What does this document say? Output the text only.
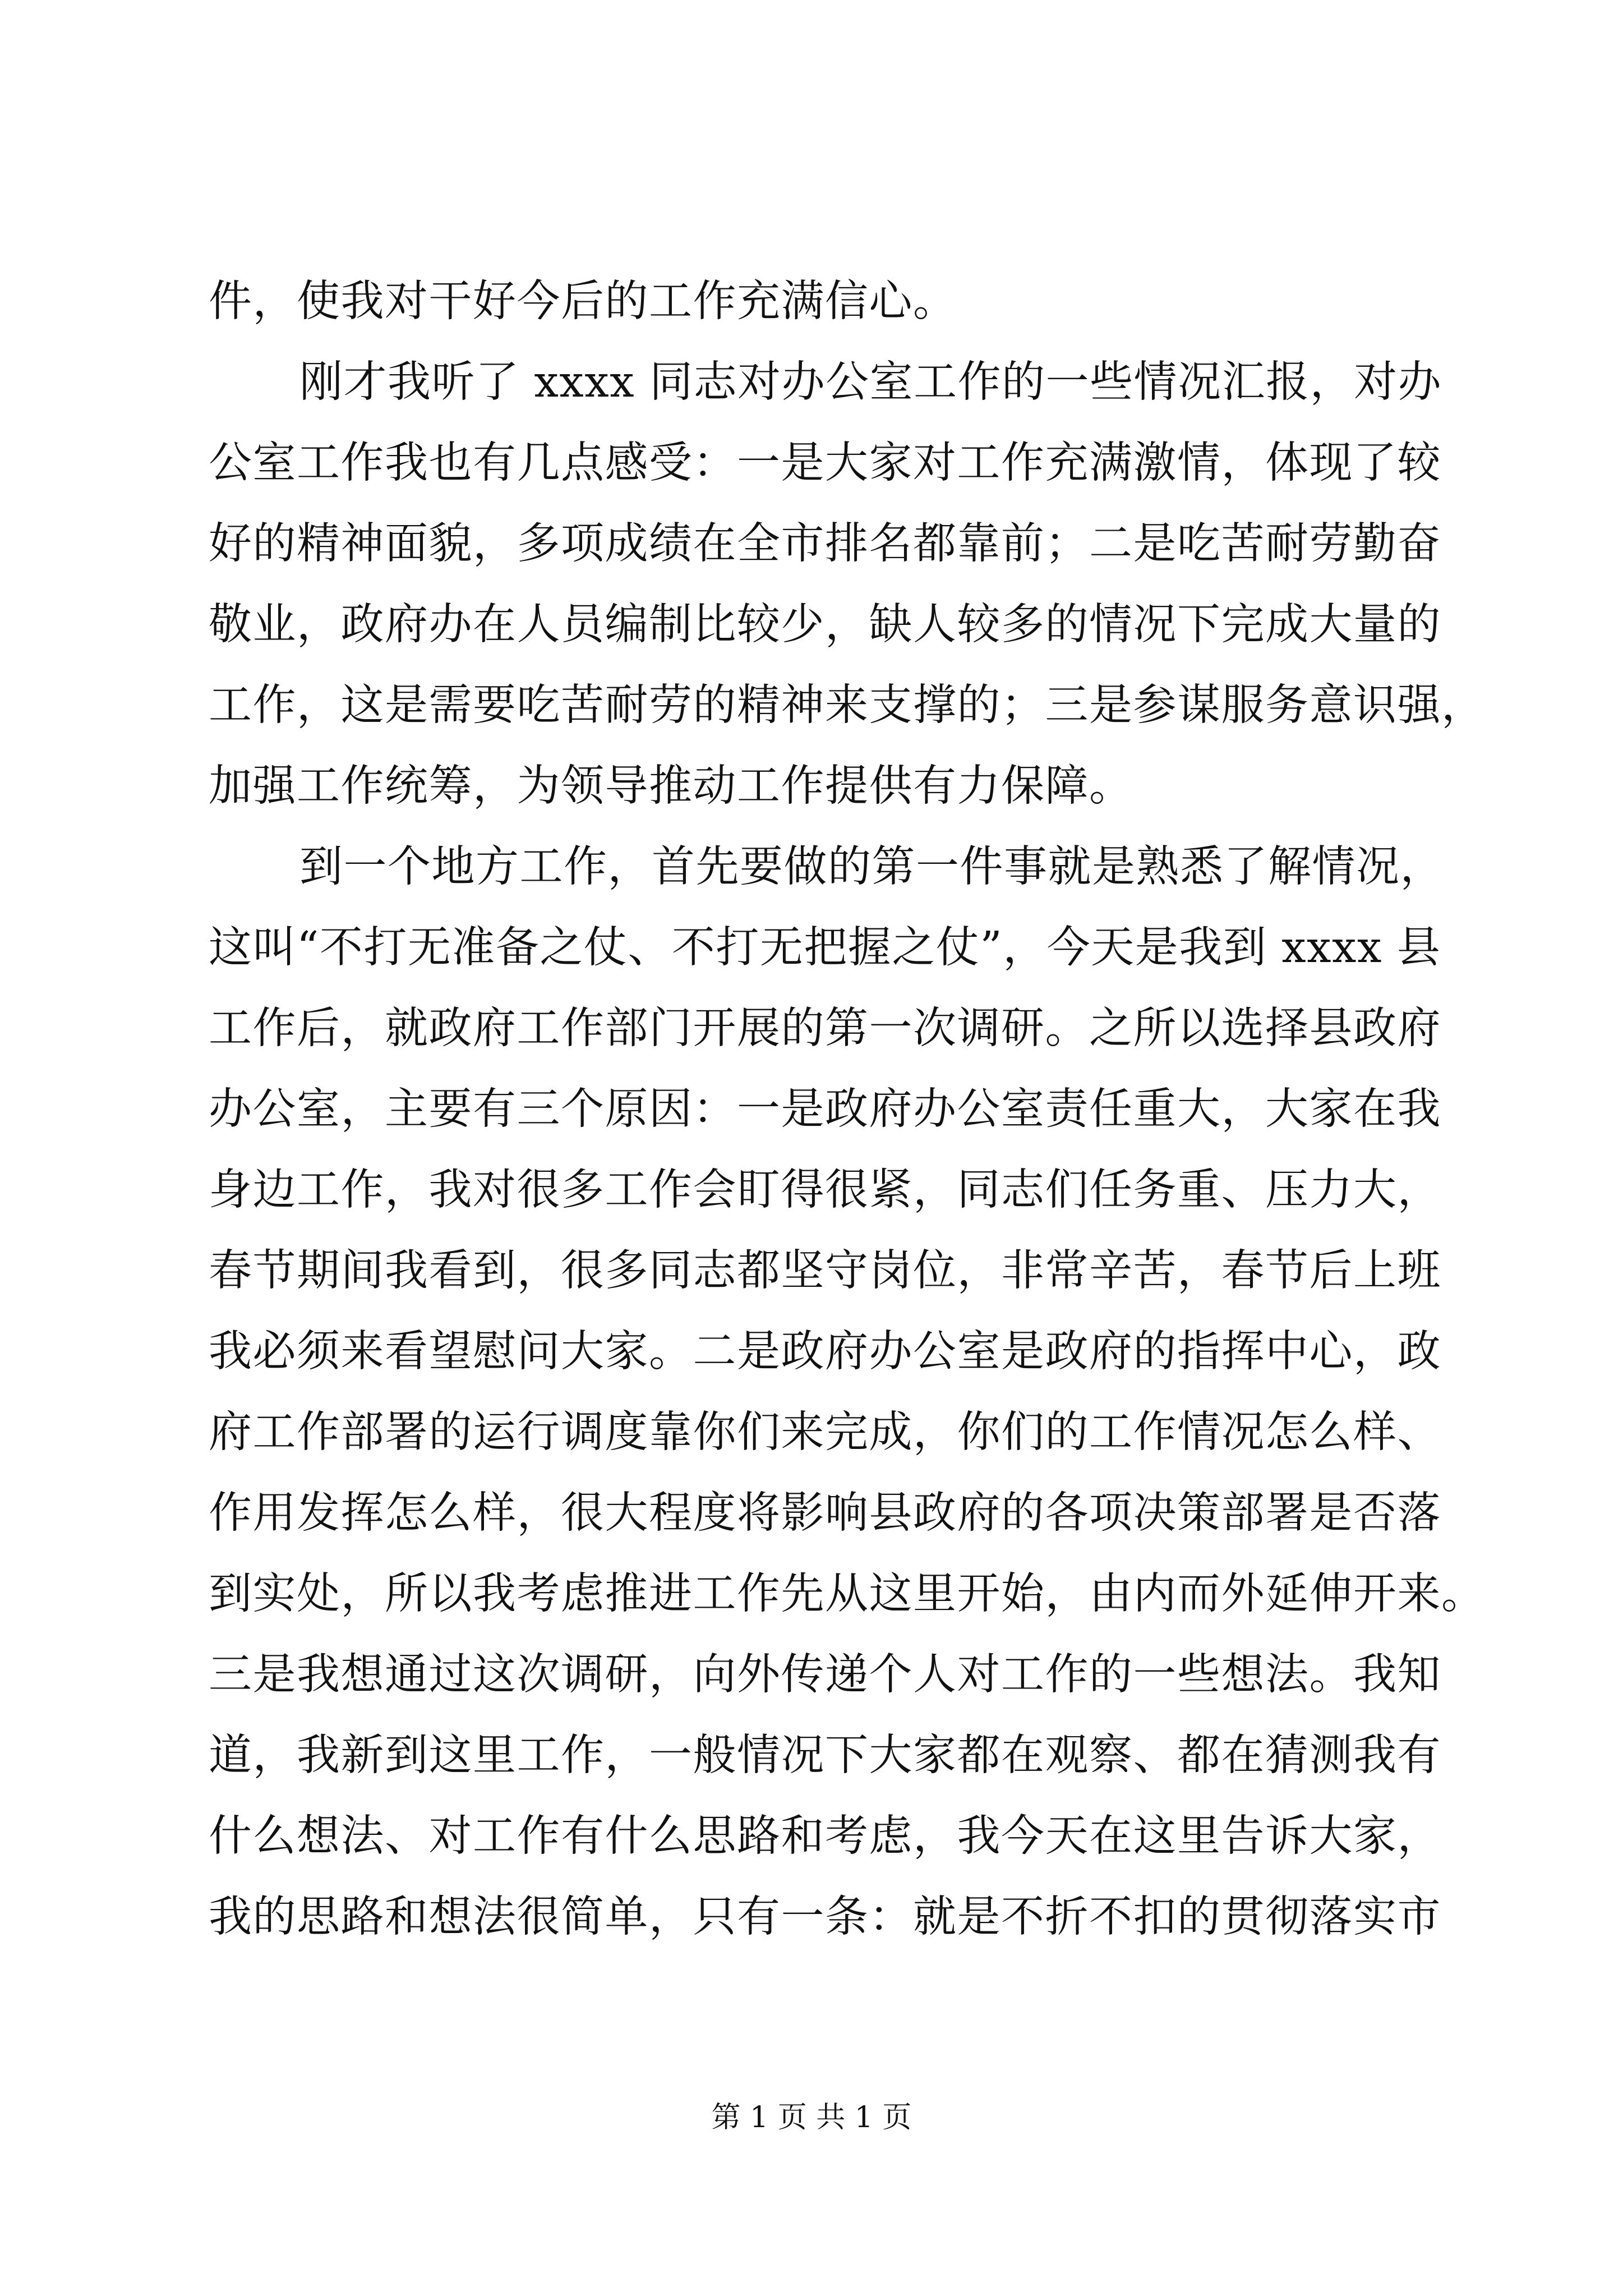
件，使我对干好今后的工作充满信心。
刚才我听了 xxxx 同志对办公室工作的一些情况汇报，对办
公室工作我也有几点感受：一是大家对工作充满激情，体现了较
好的精神面貌，多项成绩在全市排名都靠前；二是吃苦耐劳勤奋
敬业，政府办在人员编制比较少，缺人较多的情况下完成大量的
工作，这是需要吃苦耐劳的精神来支撑的；三是参谋服务意识强，
加强工作统筹，为领导推动工作提供有力保障。
到一个地方工作，首先要做的第一件事就是熟悉了解情况，
这叫“不打无准备之仗、不打无把握之仗”，今天是我到 xxxx 县
工作后，就政府工作部门开展的第一次调研。之所以选择县政府
办公室，主要有三个原因：一是政府办公室责任重大，大家在我
身边工作，我对很多工作会盯得很紧，同志们任务重、压力大，
春节期间我看到，很多同志都坚守岗位，非常辛苦，春节后上班
我必须来看望慰问大家。二是政府办公室是政府的指挥中心，政
府工作部署的运行调度靠你们来完成，你们的工作情况怎么样、
作用发挥怎么样，很大程度将影响县政府的各项决策部署是否落
到实处，所以我考虑推进工作先从这里开始，由内而外延伸开来。
三是我想通过这次调研，向外传递个人对工作的一些想法。我知
道，我新到这里工作，一般情况下大家都在观察、都在猜测我有
什么想法、对工作有什么思路和考虑，我今天在这里告诉大家，
我的思路和想法很简单，只有一条：就是不折不扣的贯彻落实市
第 1 页 共 1 页
